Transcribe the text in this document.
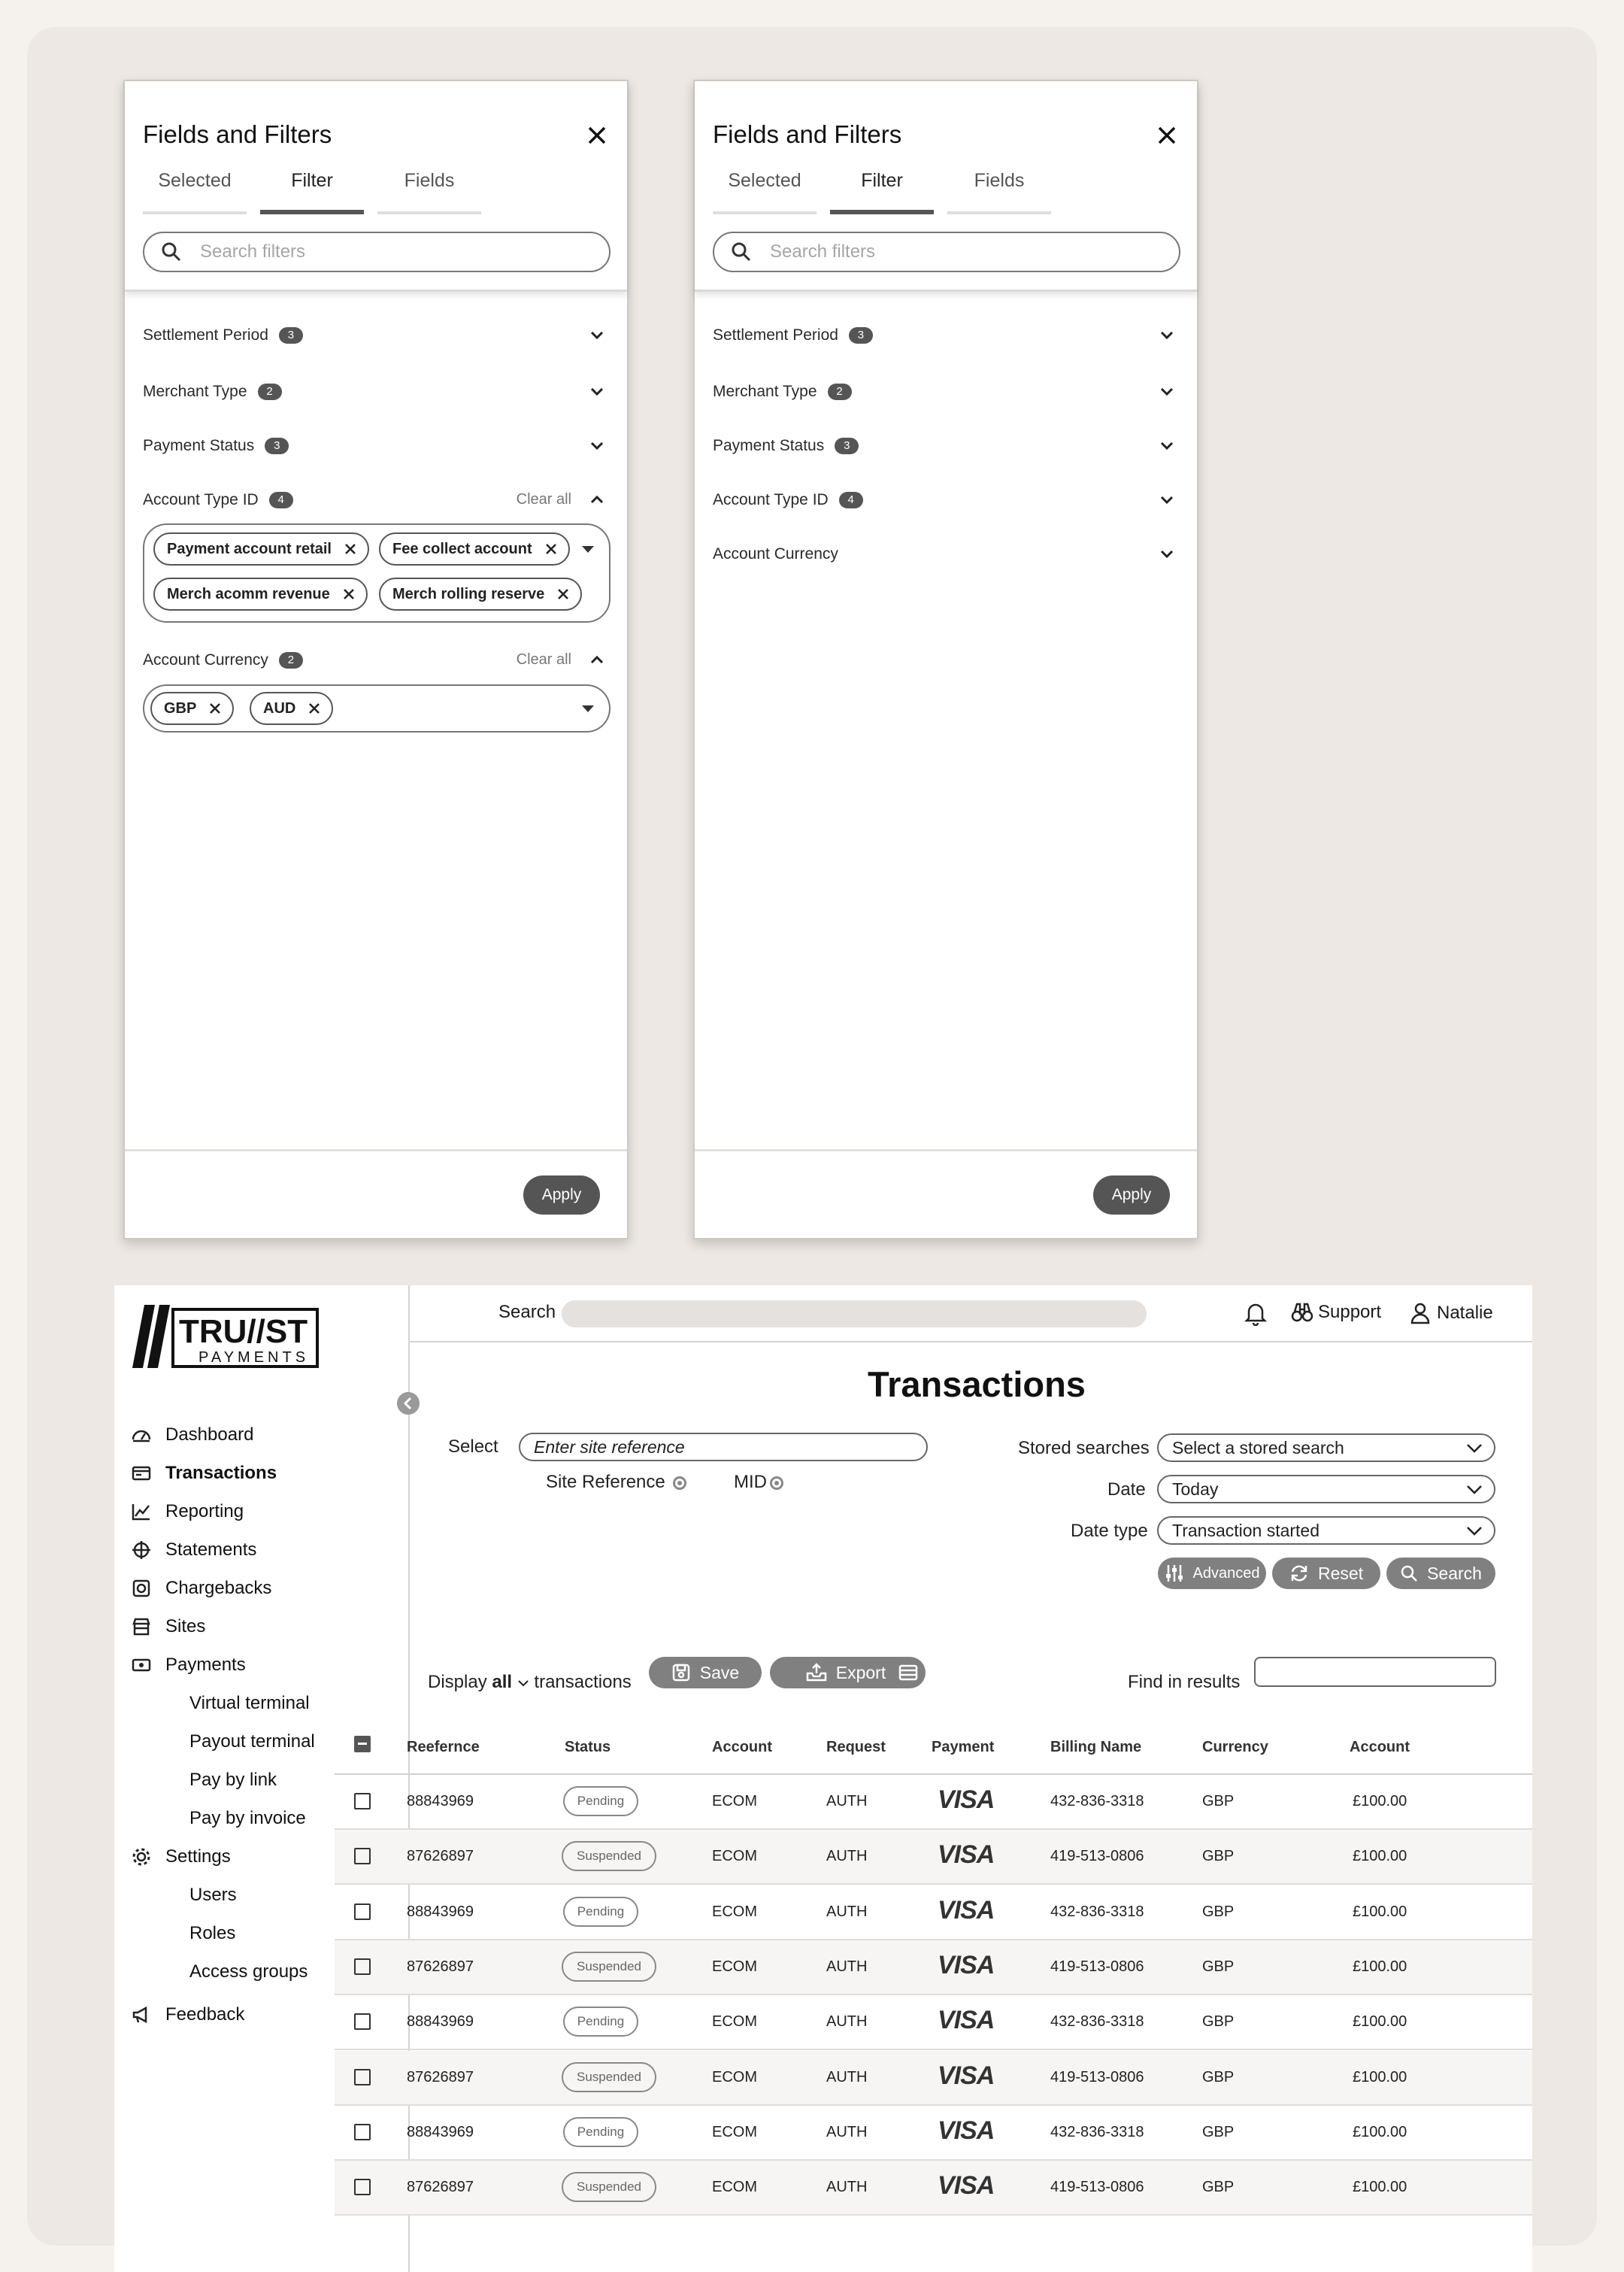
Fields and Filters
Selected	Filter	Fields
Search filters
Settlement Period	3
Merchant Type	2
Payment Status	3
Account Type ID	4	Clear all
Payment account retail	Fee collect account
Merch acomm revenue	Merch rolling reserve
Account Currency	2	Clear all
GBP	AUD
Apply
Fields and Filters
Selected	Filter	Fields
Search filters
Settlement Period	3
Merchant Type	2
Payment Status	3
Account Type ID	4
Account Currency
Apply
TRU//ST
PAYMENTS
Dashboard
Transactions
Reporting
Statements
Chargebacks
Sites
Payments
Virtual terminal
Payout terminal
Pay by link
Pay by invoice
Settings
Users
Roles
Access groups
Feedback
Search	Support	Natalie
Transactions
Select	Enter site reference
Site Reference	MID
Stored searches	Select a stored search
Date	Today
Date type	Transaction started
Advanced	Reset	Search
Display all transactions	Save	Export	Find in results
Reefernce	Status	Account	Request	Payment	Billing Name	Currency	Account
88843969	Pending	ECOM	AUTH	VISA	432-836-3318	GBP	£100.00
87626897	Suspended	ECOM	AUTH	VISA	419-513-0806	GBP	£100.00
88843969	Pending	ECOM	AUTH	VISA	432-836-3318	GBP	£100.00
87626897	Suspended	ECOM	AUTH	VISA	419-513-0806	GBP	£100.00
88843969	Pending	ECOM	AUTH	VISA	432-836-3318	GBP	£100.00
87626897	Suspended	ECOM	AUTH	VISA	419-513-0806	GBP	£100.00
88843969	Pending	ECOM	AUTH	VISA	432-836-3318	GBP	£100.00
87626897	Suspended	ECOM	AUTH	VISA	419-513-0806	GBP	£100.00
